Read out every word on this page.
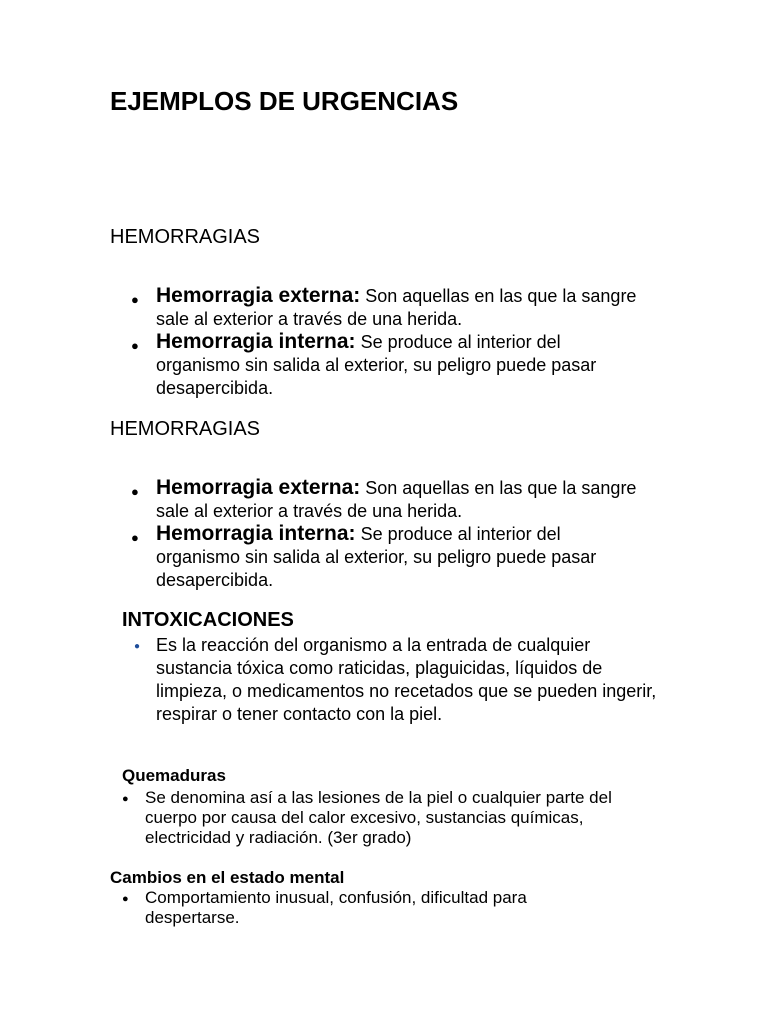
EJEMPLOS DE URGENCIAS
HEMORRAGIAS
● Hemorragia externa: Son aquellas en las que la sangre sale al exterior a través de una herida.
● Hemorragia interna: Se produce al interior del organismo sin salida al exterior, su peligro puede pasar desapercibida.
HEMORRAGIAS
● Hemorragia externa: Son aquellas en las que la sangre sale al exterior a través de una herida.
● Hemorragia interna: Se produce al interior del organismo sin salida al exterior, su peligro puede pasar desapercibida.
INTOXICACIONES
● Es la reacción del organismo a la entrada de cualquier sustancia tóxica como raticidas, plaguicidas, líquidos de limpieza, o medicamentos no recetados que se pueden ingerir, respirar o tener contacto con la piel.
Quemaduras
● Se denomina así a las lesiones de la piel o cualquier parte del cuerpo por causa del calor excesivo, sustancias químicas, electricidad y radiación. (3er grado)
Cambios en el estado mental
● Comportamiento inusual, confusión, dificultad para despertarse.
